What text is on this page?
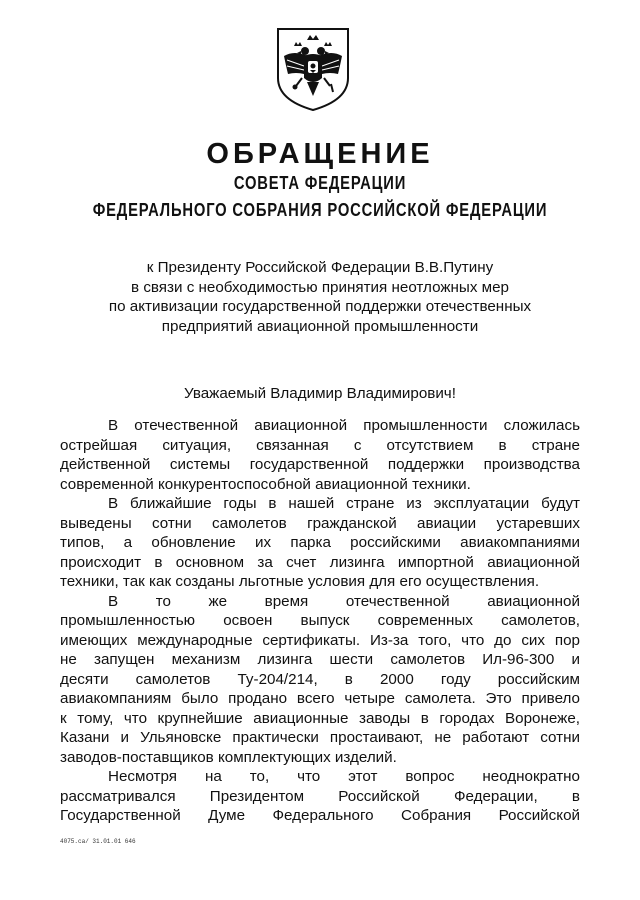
ОБРАЩЕНИЕ
СОВЕТА ФЕДЕРАЦИИ
ФЕДЕРАЛЬНОГО СОБРАНИЯ РОССИЙСКОЙ ФЕДЕРАЦИИ
к Президенту Российской Федерации В.В.Путину
в связи с необходимостью принятия неотложных мер
по активизации государственной поддержки отечественных
предприятий авиационной промышленности
Уважаемый Владимир Владимирович!
В отечественной авиационной промышленности сложилась
острейшая ситуация, связанная с отсутствием в стране
действенной системы государственной поддержки производства
современной конкурентоспособной авиационной техники.
В ближайшие годы в нашей стране из эксплуатации будут
выведены сотни самолетов гражданской авиации устаревших
типов, а обновление их парка российскими авиакомпаниями
происходит в основном за счет лизинга импортной авиационной
техники, так как созданы льготные условия для его осуществления.
В то же время отечественной авиационной
промышленностью освоен выпуск современных самолетов,
имеющих международные сертификаты. Из-за того, что до сих пор
не запущен механизм лизинга шести самолетов Ил-96-300 и
десяти самолетов Ту-204/214, в 2000 году российским
авиакомпаниям было продано всего четыре самолета. Это привело
к тому, что крупнейшие авиационные заводы в городах Воронеже,
Казани и Ульяновске практически простаивают, не работают сотни
заводов-поставщиков комплектующих изделий.
Несмотря на то, что этот вопрос неоднократно
рассматривался Президентом Российской Федерации, в
Государственной Думе Федерального Собрания Российской
4075.ca/ 31.01.01 646
